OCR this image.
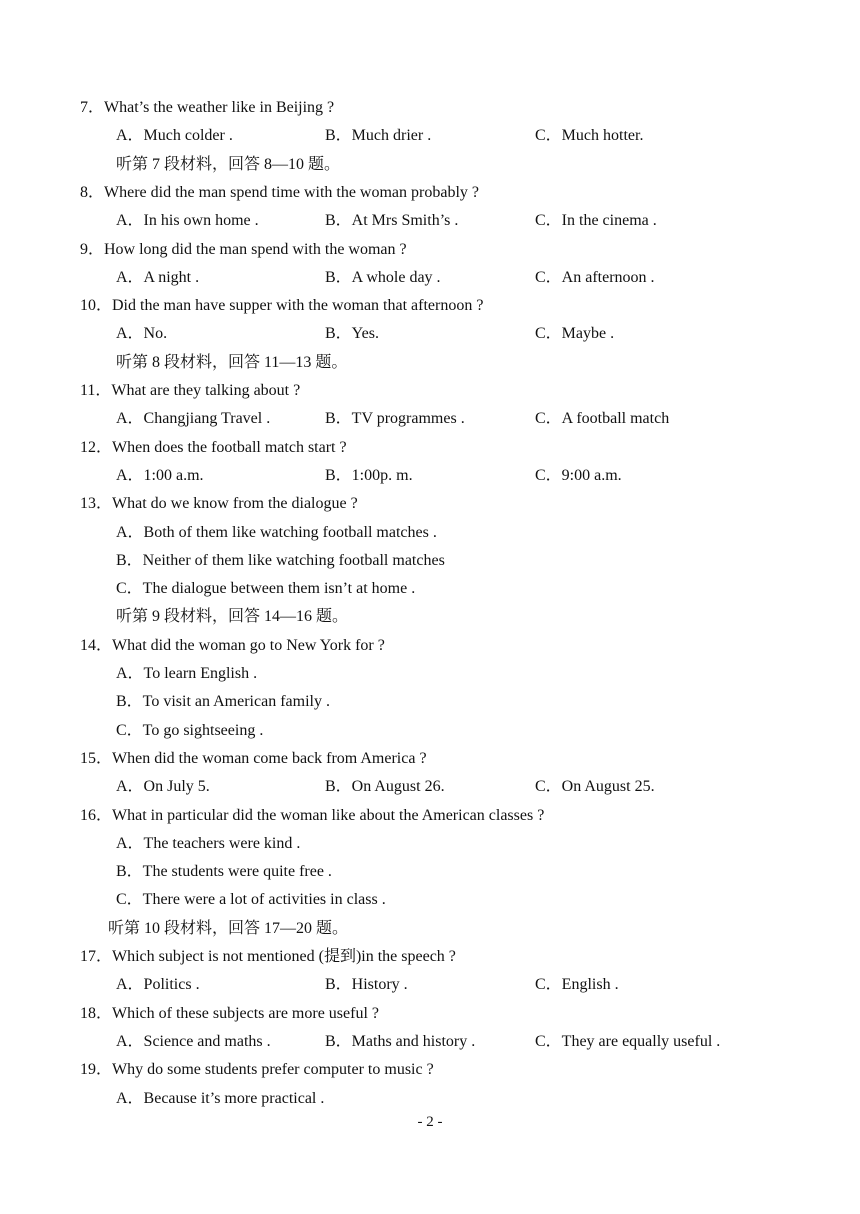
- 2 -
7．What’s the weather like in Beijing ?
A．Much colder .	B．Much drier .	C．Much hotter.
听第 7 段材料，回答 8—10 题。
8．Where did the man spend time with the woman probably ?
A．In his own home .	B．At Mrs Smith’s .	C．In the cinema .
9．How long did the man spend with the woman ?
A．A night .	B．A whole day .	C．An afternoon .
10．Did the man have supper with the woman that afternoon ?
A．No.	B．Yes.	C．Maybe .
听第 8 段材料，回答 11—13 题。
11．What are they talking about ?
A．Changjiang Travel .	B．TV programmes .	C．A football match
12．When does the football match start ?
A．1:00 a.m.	B．1:00p. m.	C．9:00 a.m.
13．What do we know from the dialogue ?
A．Both of them like watching football matches .
B．Neither of them like watching football matches
C．The dialogue between them isn’t at home .
听第 9 段材料，回答 14—16 题。
14．What did the woman go to New York for ?
A．To learn English .
B．To visit an American family .
C．To go sightseeing .
15．When did the woman come back from America ?
A．On July 5.	B．On August 26.	C．On August 25.
16．What in particular did the woman like about the American classes ?
A．The teachers were kind .
B．The students were quite free .
C．There were a lot of activities in class .
听第 10 段材料，回答 17—20 题。
17．Which subject is not mentioned (提到)in the speech ?
A．Politics .	B．History .	C．English .
18．Which of these subjects are more useful ?
A．Science and maths .	B．Maths and history .	C．They are equally useful .
19．Why do some students prefer computer to music ?
A．Because it’s more practical .
